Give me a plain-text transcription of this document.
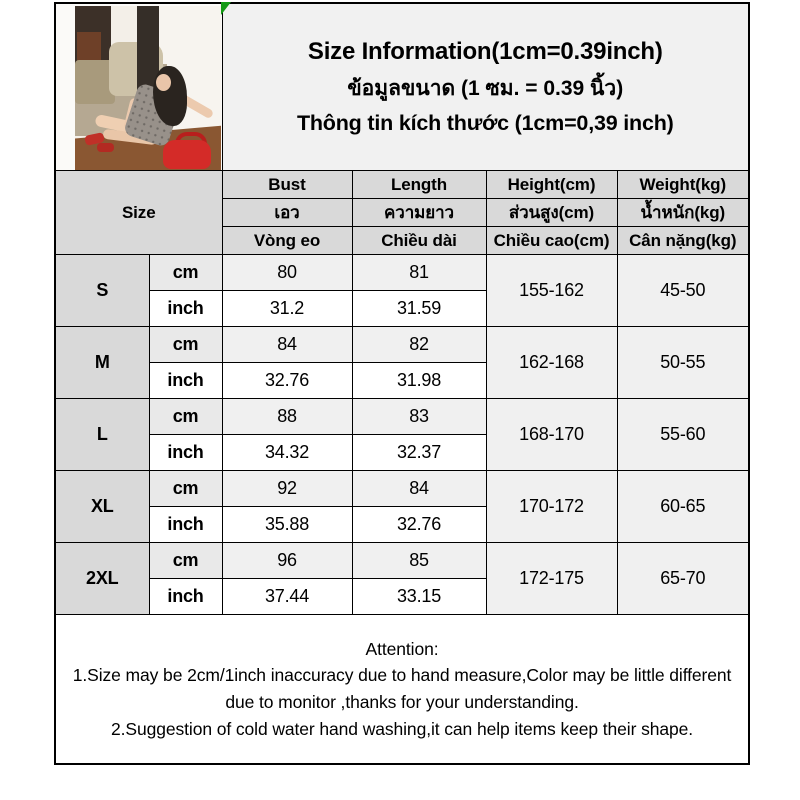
		Size Information(1cm=0.39inch)
ข้อมูลขนาด (1 ซม. = 0.39 นิ้ว)
Thông tin kích thước (1cm=0,39 inch)			

Size		Bust	Length	Height(cm)	Weight(kg)
		เอว	ความยาว	ส่วนสูง(cm)	น้ำหนัก(kg)
		Vòng eo	Chiều dài	Chiều cao(cm)	Cân nặng(kg)
S	cm	80	81	155-162	45-50
	inch	31.2	31.59		
M	cm	84	82	162-168	50-55
	inch	32.76	31.98		
L	cm	88	83	168-170	55-60
	inch	34.32	32.37		
XL	cm	92	84	170-172	60-65
	inch	35.88	32.76		
2XL	cm	96	85	172-175	65-70
	inch	37.44	33.15		

Attention:
1.Size may be 2cm/1inch inaccuracy due to hand measure,Color may be little different due to monitor ,thanks for your understanding.
2.Suggestion of cold water hand washing,it can help items keep their shape.					
